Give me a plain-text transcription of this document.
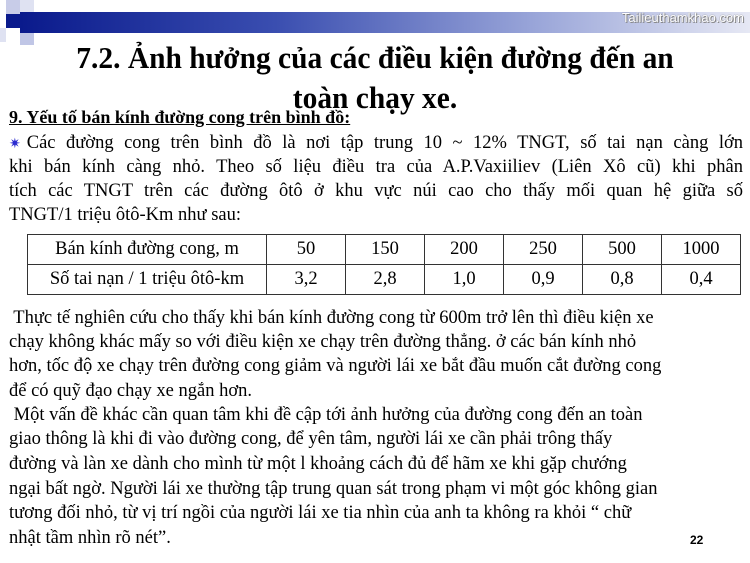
Tailieuthamkhao.com
7.2. Ảnh hưởng của các điều kiện đường đến an
toàn chạy xe.
9. Yếu tố bán kính đường cong trên bình đồ:
✷ Các đường cong trên bình đồ là nơi tập trung 10 ~ 12% TNGT, số tai nạn càng lớn
khi bán kính càng nhỏ. Theo số liệu điều tra của A.P.Vaxiiliev (Liên Xô cũ) khi phân
tích các TNGT trên các đường ôtô ở khu vực núi cao cho thấy mối quan hệ giữa số
TNGT/1 triệu ôtô-Km như sau:
Bán kính đường cong, m	50	150	200	250	500	1000
Số tai nạn / 1 triệu ôtô-km	3,2	2,8	1,0	0,9	0,8	0,4
Thực tế nghiên cứu cho thấy khi bán kính đường cong từ 600m trở lên thì điều kiện xe
chạy không khác mấy so với điều kiện xe chạy trên đường thẳng. ở các bán kính nhỏ
hơn, tốc độ xe chạy trên đường cong giảm và người lái xe bắt đầu muốn cắt đường cong
để có quỹ đạo chạy xe ngắn hơn.
Một vấn đề khác cần quan tâm khi đề cập tới ảnh hưởng của đường cong đến an toàn
giao thông là khi đi vào đường cong, để yên tâm, người lái xe cần phải trông thấy
đường và làn xe dành cho mình từ một l khoảng cách đủ để hãm xe khi gặp chướng
ngại bất ngờ. Người lái xe thường tập trung quan sát trong phạm vi một góc không gian
tương đối nhỏ, từ vị trí ngồi của người lái xe tia nhìn của anh ta không ra khỏi “ chữ
nhật tầm nhìn rõ nét”.	22
